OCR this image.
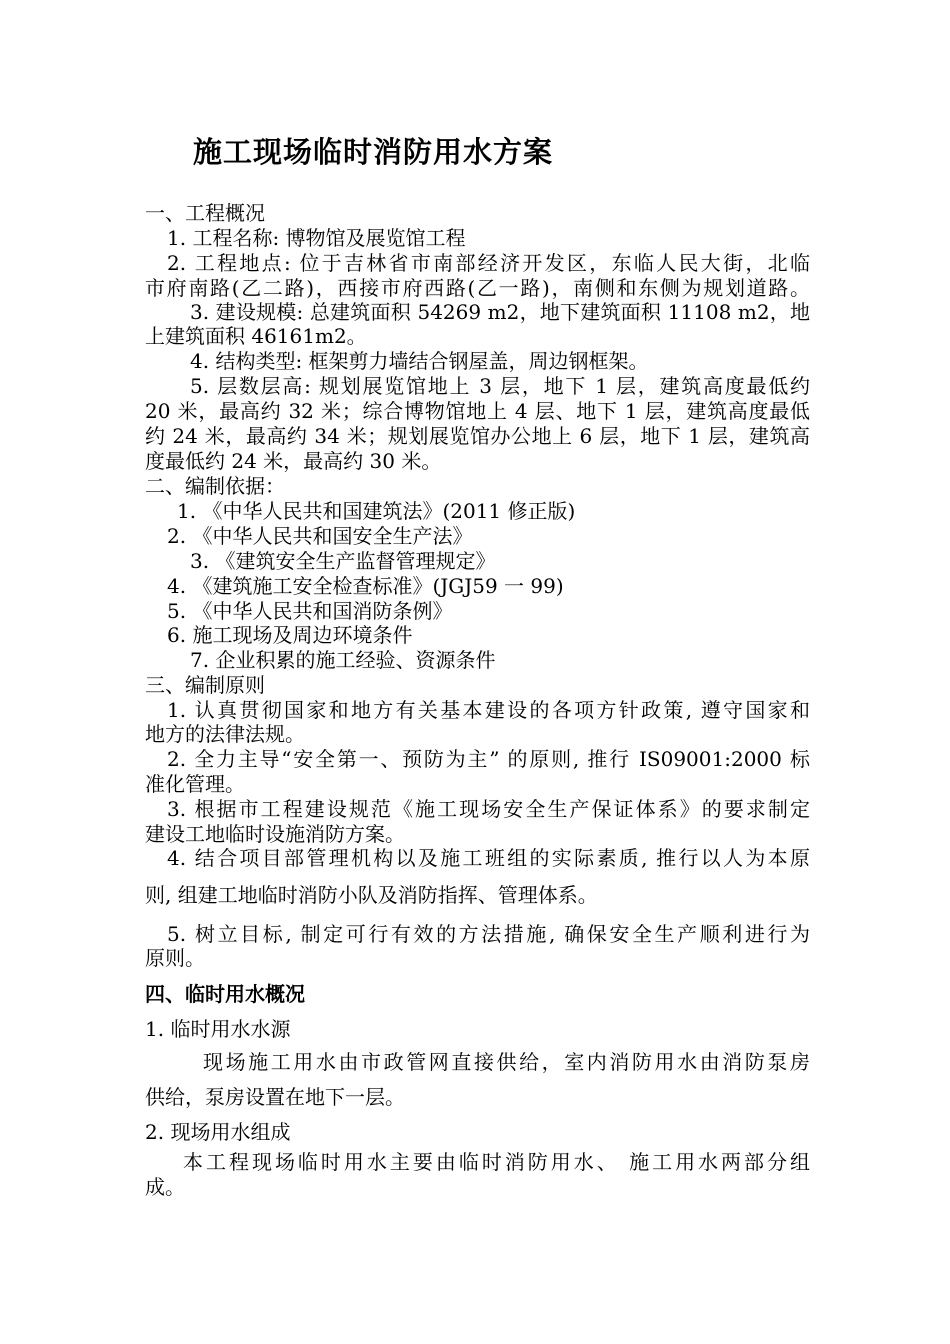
施工现场临时消防用水方案
一、工程概况
1. 工程名称: 博物馆及展览馆工程
2. 工程地点: 位于吉林省市南部经济开发区，东临人民大街，北临
市府南路(乙二路)，西接市府西路(乙一路)，南侧和东侧为规划道路。
3. 建设规模: 总建筑面积 54269 m2，地下建筑面积 11108 m2，地
上建筑面积 46161m2。
4. 结构类型: 框架剪力墙结合钢屋盖，周边钢框架。
5. 层数层高: 规划展览馆地上 3 层，地下 1 层，建筑高度最低约
20 米，最高约 32 米；综合博物馆地上 4 层、地下 1 层，建筑高度最低
约 24 米，最高约 34 米；规划展览馆办公地上 6 层，地下 1 层，建筑高
度最低约 24 米，最高约 30 米。
二、编制依据：
1. 《中华人民共和国建筑法》(2011 修正版)
2. 《中华人民共和国安全生产法》
3. 《建筑安全生产监督管理规定》
4. 《建筑施工安全检查标准》(JGJ59 一 99)
5. 《中华人民共和国消防条例》
6. 施工现场及周边环境条件
7. 企业积累的施工经验、资源条件
三、编制原则
1. 认真贯彻国家和地方有关基本建设的各项方针政策, 遵守国家和
地方的法律法规。
2. 全力主导“安全第一、预防为主” 的原则, 推行 IS09001:2000 标
准化管理。
3. 根据市工程建设规范《施工现场安全生产保证体系》的要求制定
建设工地临时设施消防方案。
4. 结合项目部管理机构以及施工班组的实际素质, 推行以人为本原
则, 组建工地临时消防小队及消防指挥、管理体系。
5. 树立目标, 制定可行有效的方法措施, 确保安全生产顺利进行为
原则。
四、临时用水概况
1. 临时用水水源
现场施工用水由市政管网直接供给，室内消防用水由消防泵房
供给，泵房设置在地下一层。
2. 现场用水组成
本工程现场临时用水主要由临时消防用水、 施工用水两部分组
成。
